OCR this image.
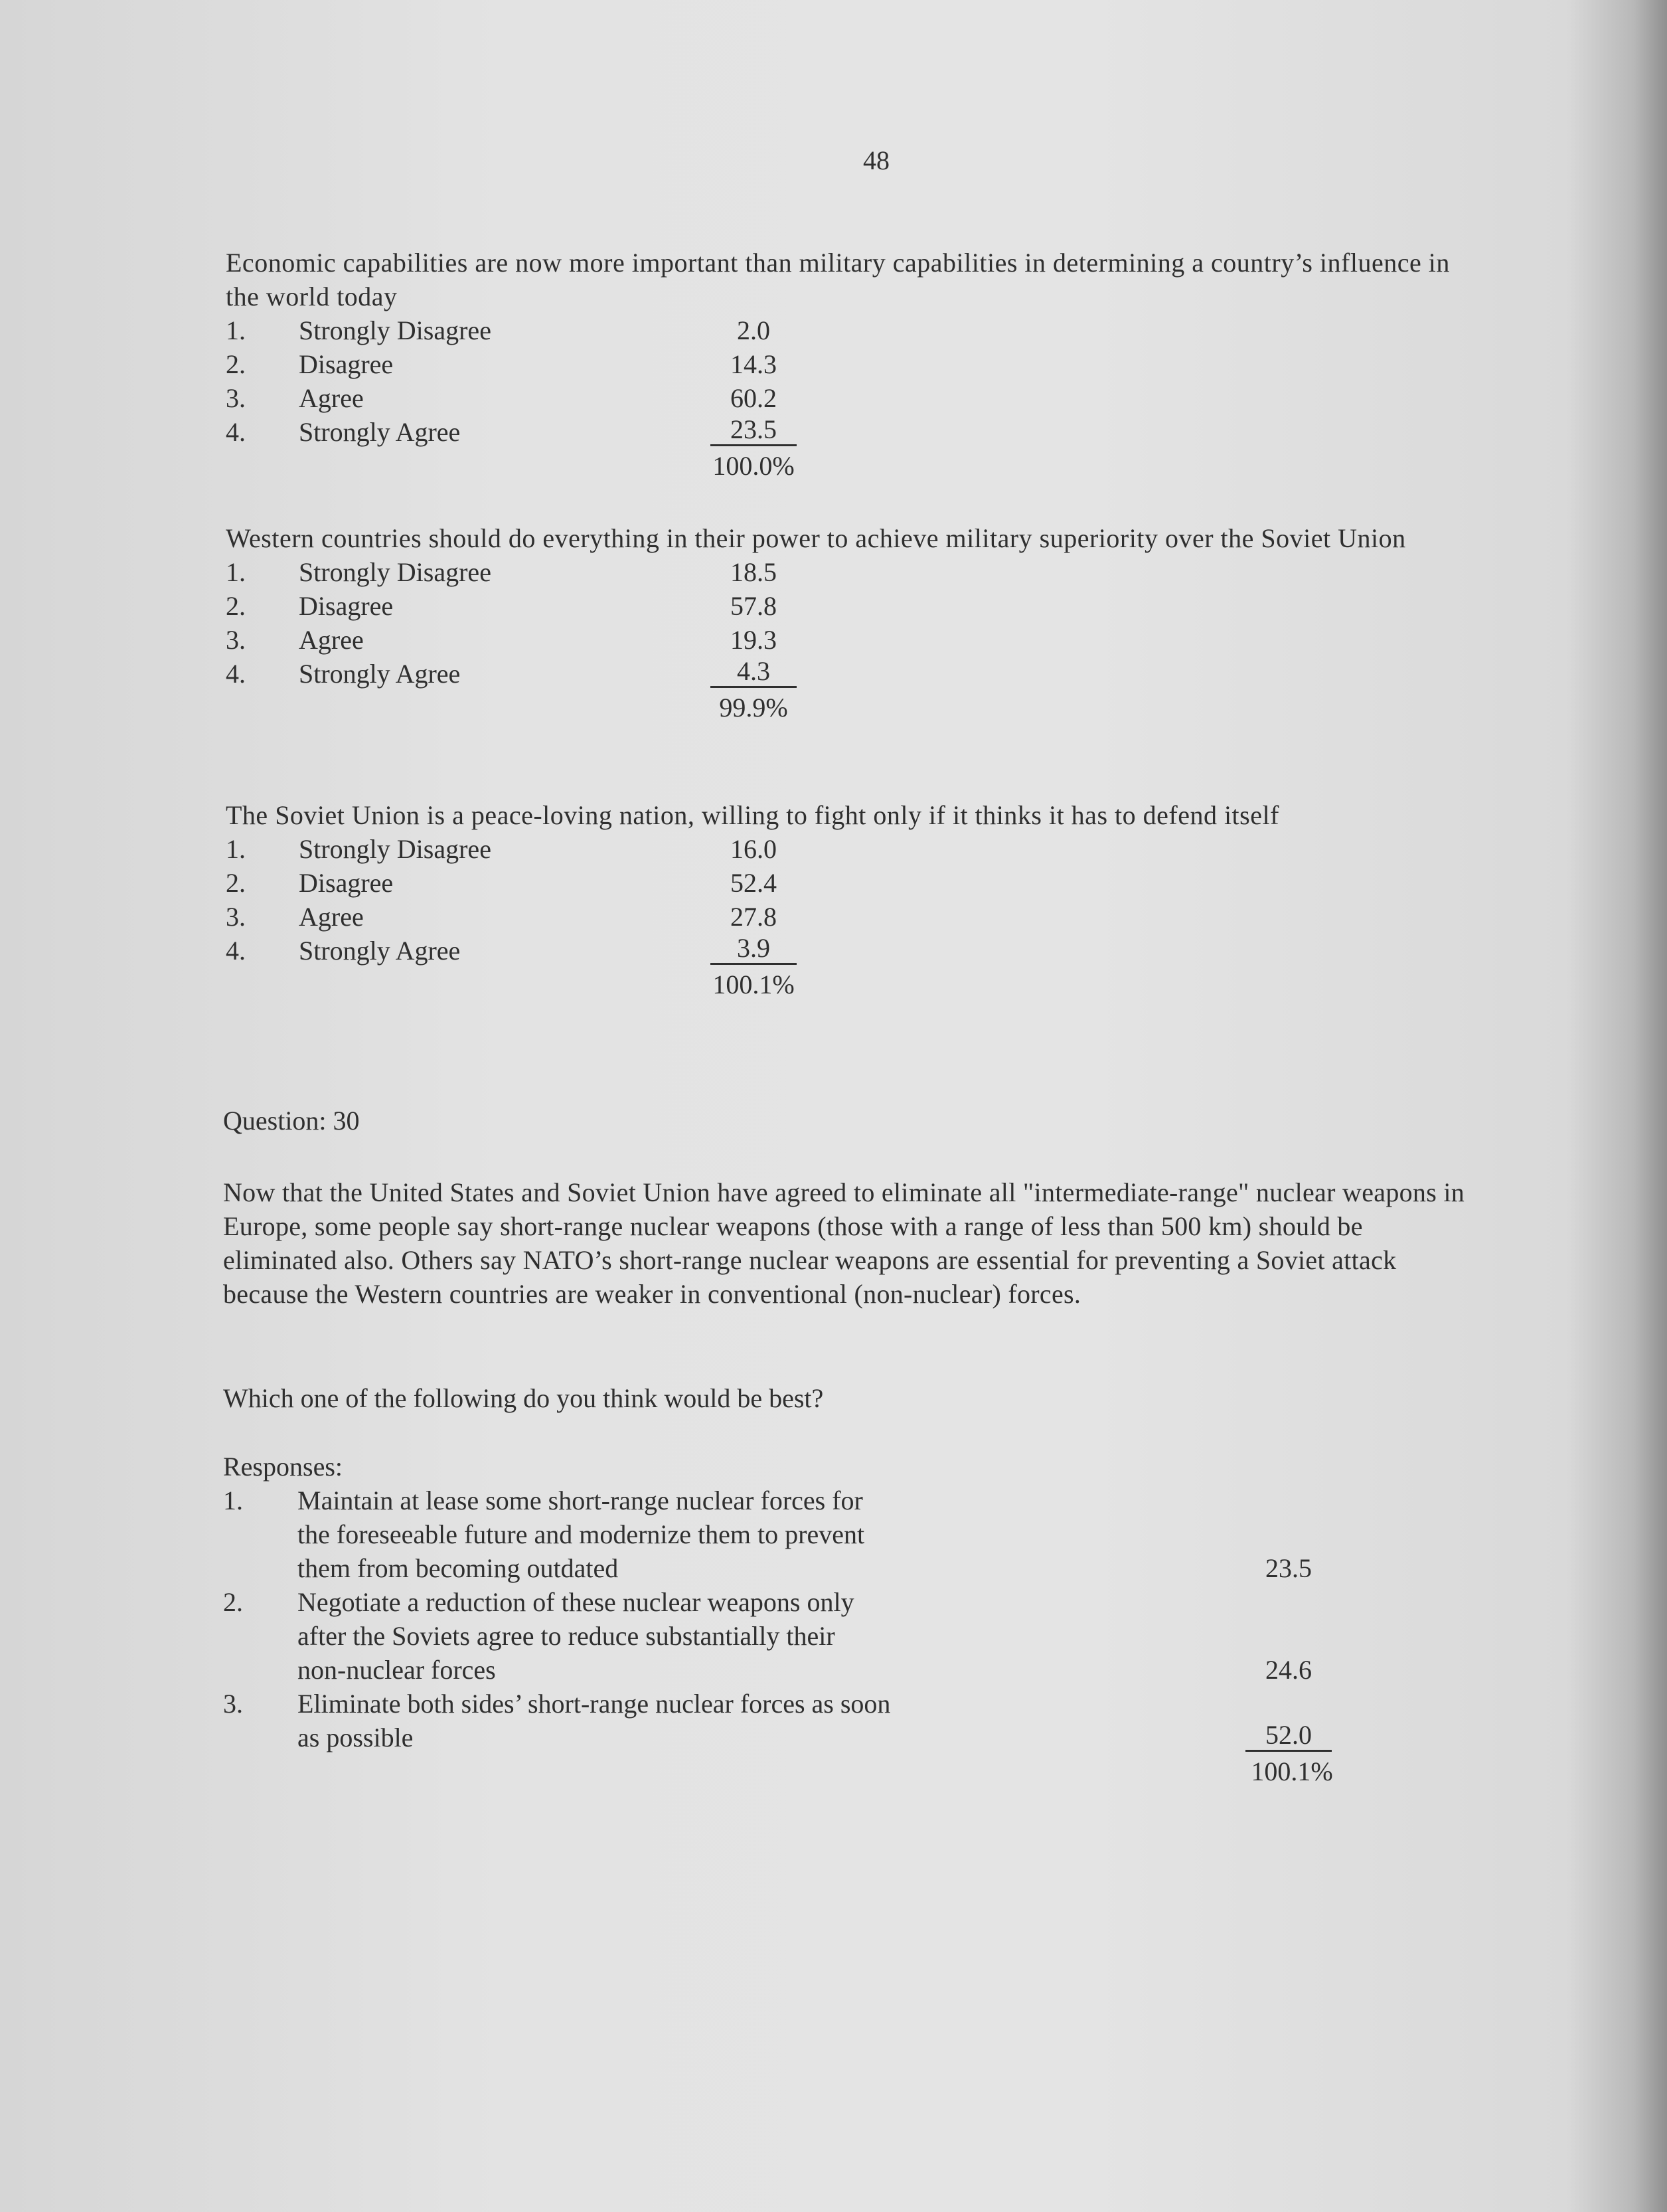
48
Economic capabilities are now more important than military capabilities in determining a country’s influence in the world today
1. Strongly Disagree	2.0
2. Disagree	14.3
3. Agree	60.2
4. Strongly Agree	23.5
100.0%
Western countries should do everything in their power to achieve military superiority over the Soviet Union
1. Strongly Disagree	18.5
2. Disagree	57.8
3. Agree	19.3
4. Strongly Agree	4.3
99.9%
The Soviet Union is a peace-loving nation, willing to fight only if it thinks it has to defend itself
1. Strongly Disagree	16.0
2. Disagree	52.4
3. Agree	27.8
4. Strongly Agree	3.9
100.1%
Question: 30
Now that the United States and Soviet Union have agreed to eliminate all "intermediate-range" nuclear weapons in Europe, some people say short-range nuclear weapons (those with a range of less than 500 km) should be eliminated also. Others say NATO’s short-range nuclear weapons are essential for preventing a Soviet attack because the Western countries are weaker in conventional (non-nuclear) forces.
Which one of the following do you think would be best?
Responses:
1. Maintain at lease some short-range nuclear forces for
the foreseeable future and modernize them to prevent
them from becoming outdated	23.5
2. Negotiate a reduction of these nuclear weapons only
after the Soviets agree to reduce substantially their
non-nuclear forces	24.6
3. Eliminate both sides’ short-range nuclear forces as soon
as possible	52.0
100.1%
